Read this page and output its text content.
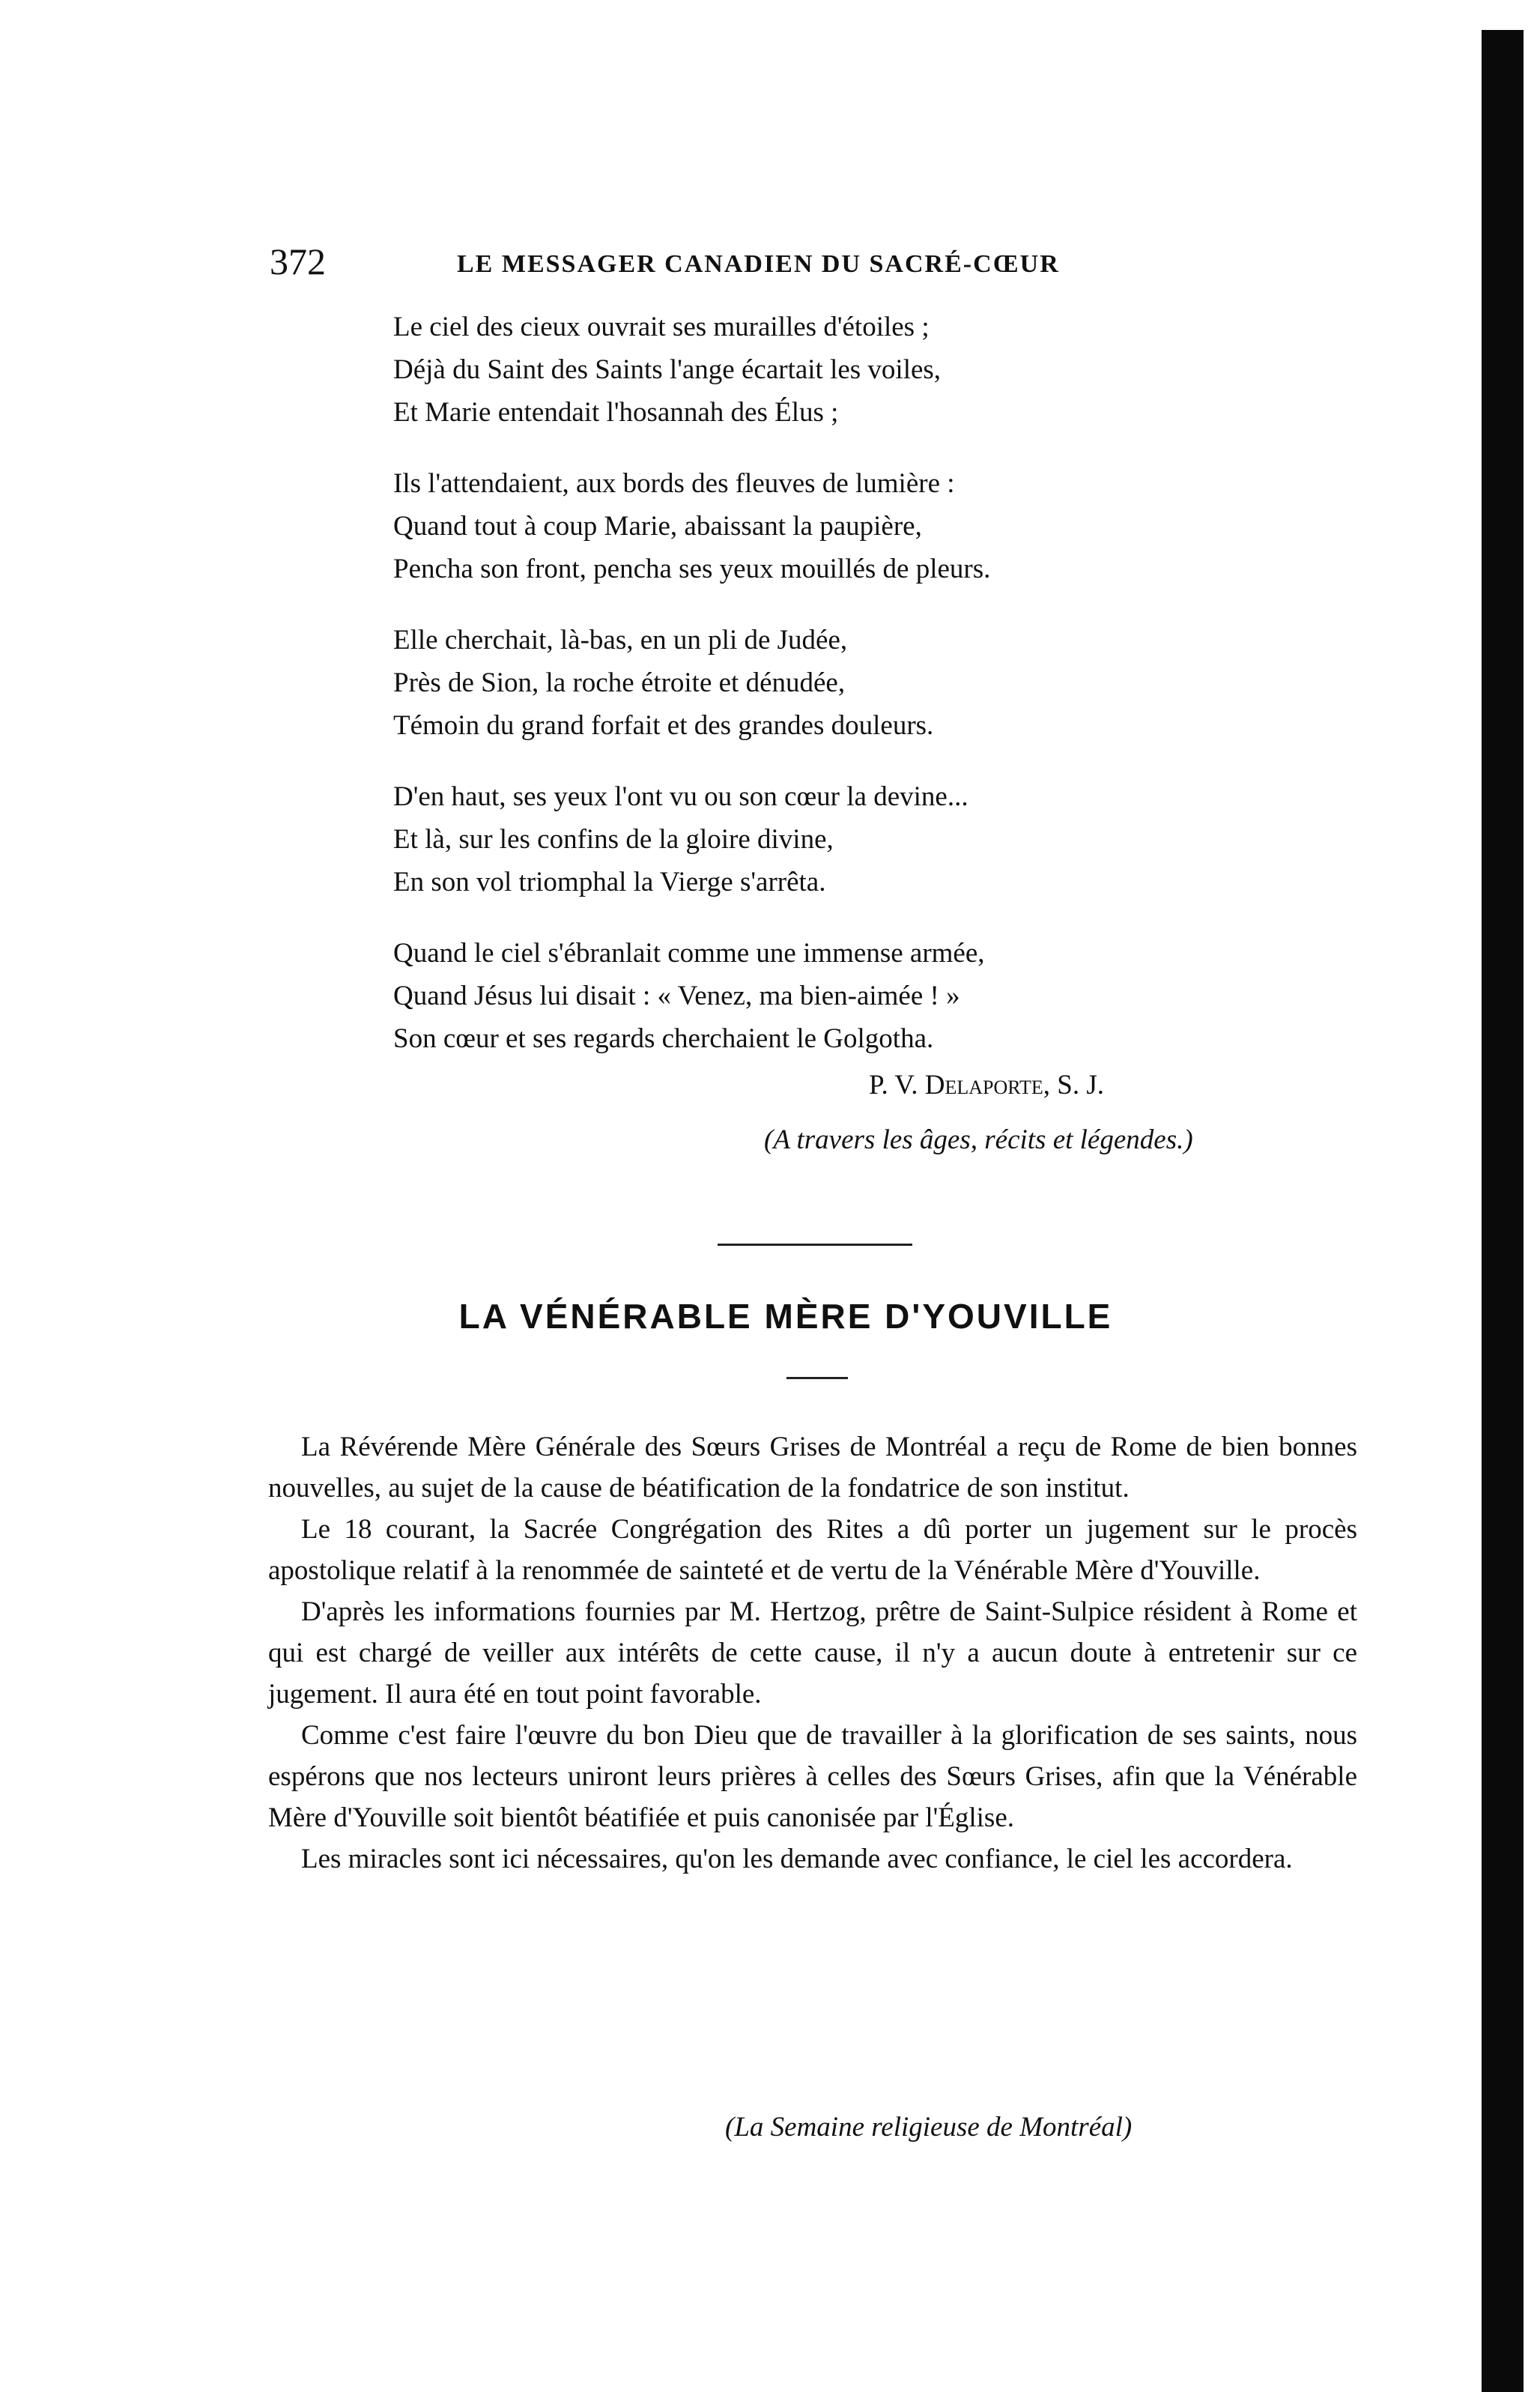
372	LE MESSAGER CANADIEN DU SACRÉ-CŒUR
Le ciel des cieux ouvrait ses murailles d'étoiles ;
Déjà du Saint des Saints l'ange écartait les voiles,
Et Marie entendait l'hosannah des Élus ;
Ils l'attendaient, aux bords des fleuves de lumière :
Quand tout à coup Marie, abaissant la paupière,
Pencha son front, pencha ses yeux mouillés de pleurs.
Elle cherchait, là-bas, en un pli de Judée,
Près de Sion, la roche étroite et dénudée,
Témoin du grand forfait et des grandes douleurs.
D'en haut, ses yeux l'ont vu ou son cœur la devine...
Et là, sur les confins de la gloire divine,
En son vol triomphal la Vierge s'arrêta.
Quand le ciel s'ébranlait comme une immense armée,
Quand Jésus lui disait : « Venez, ma bien-aimée ! »
Son cœur et ses regards cherchaient le Golgotha.
P. V. Delaporte, S. J.
(A travers les âges, récits et légendes.)
LA VÉNÉRABLE MÈRE D'YOUVILLE

La Révérende Mère Générale des Sœurs Grises de Montréal a reçu de Rome de bien bonnes nouvelles, au sujet de la cause de béatification de la fondatrice de son institut.

Le 18 courant, la Sacrée Congrégation des Rites a dû porter un jugement sur le procès apostolique relatif à la renommée de sainteté et de vertu de la Vénérable Mère d'Youville.

D'après les informations fournies par M. Hertzog, prêtre de Saint-Sulpice résident à Rome et qui est chargé de veiller aux intérêts de cette cause, il n'y a aucun doute à entretenir sur ce jugement. Il aura été en tout point favorable.

Comme c'est faire l'œuvre du bon Dieu que de travailler à la glorification de ses saints, nous espérons que nos lecteurs uniront leurs prières à celles des Sœurs Grises, afin que la Vénérable Mère d'Youville soit bientôt béatifiée et puis canonisée par l'Église.

Les miracles sont ici nécessaires, qu'on les demande avec confiance, le ciel les accordera.

(La Semaine religieuse de Montréal)
